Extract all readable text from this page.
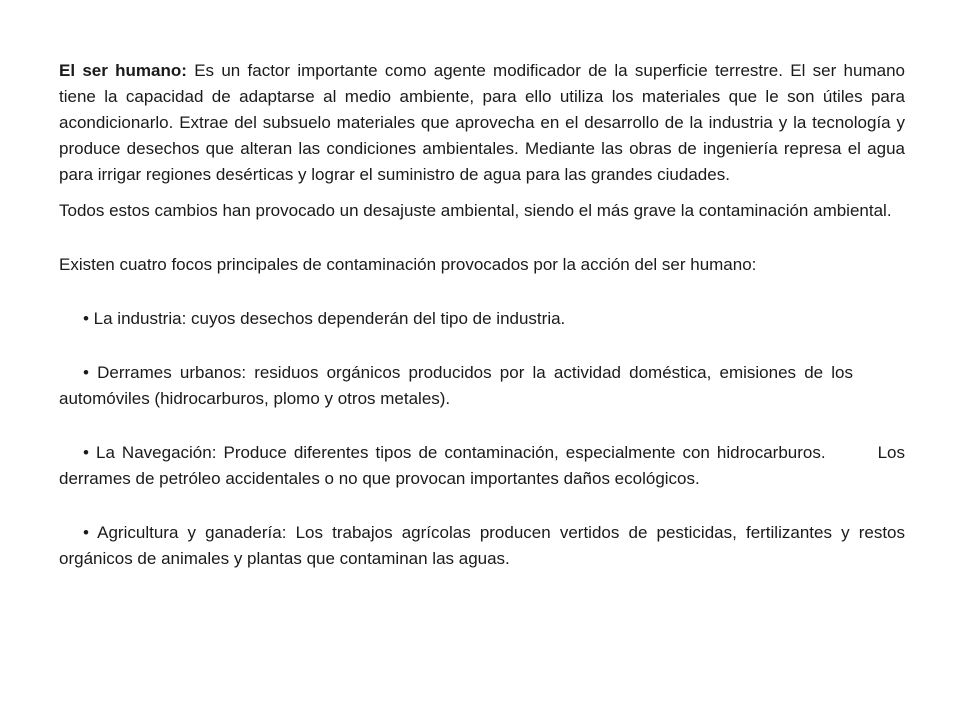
El ser humano: Es un factor importante como agente modificador de la superficie terrestre. El ser humano tiene la capacidad de adaptarse al medio ambiente, para ello utiliza los materiales que le son útiles para acondicionarlo. Extrae del subsuelo materiales que aprovecha en el desarrollo de la industria y la tecnología y produce desechos que alteran las condiciones ambientales. Mediante las obras de ingeniería represa el agua para irrigar regiones desérticas y lograr el suministro de agua para las grandes ciudades.

Todos estos cambios han provocado un desajuste ambiental, siendo el más grave la contaminación ambiental.

Existen cuatro focos principales de contaminación provocados por la acción del ser humano:

• La industria: cuyos desechos dependerán del tipo de industria.

• Derrames urbanos: residuos orgánicos producidos por la actividad doméstica, emisiones de losautomóviles (hidrocarburos, plomo y otros metales).

• La Navegación: Produce diferentes tipos de contaminación, especialmente con hidrocarburos.	Los derrames de petróleo accidentales o no que provocan importantes daños ecológicos.

• Agricultura y ganadería: Los trabajos agrícolas producen vertidos de pesticidas, fertilizantes y restos orgánicos de animales y plantas que contaminan las aguas.
